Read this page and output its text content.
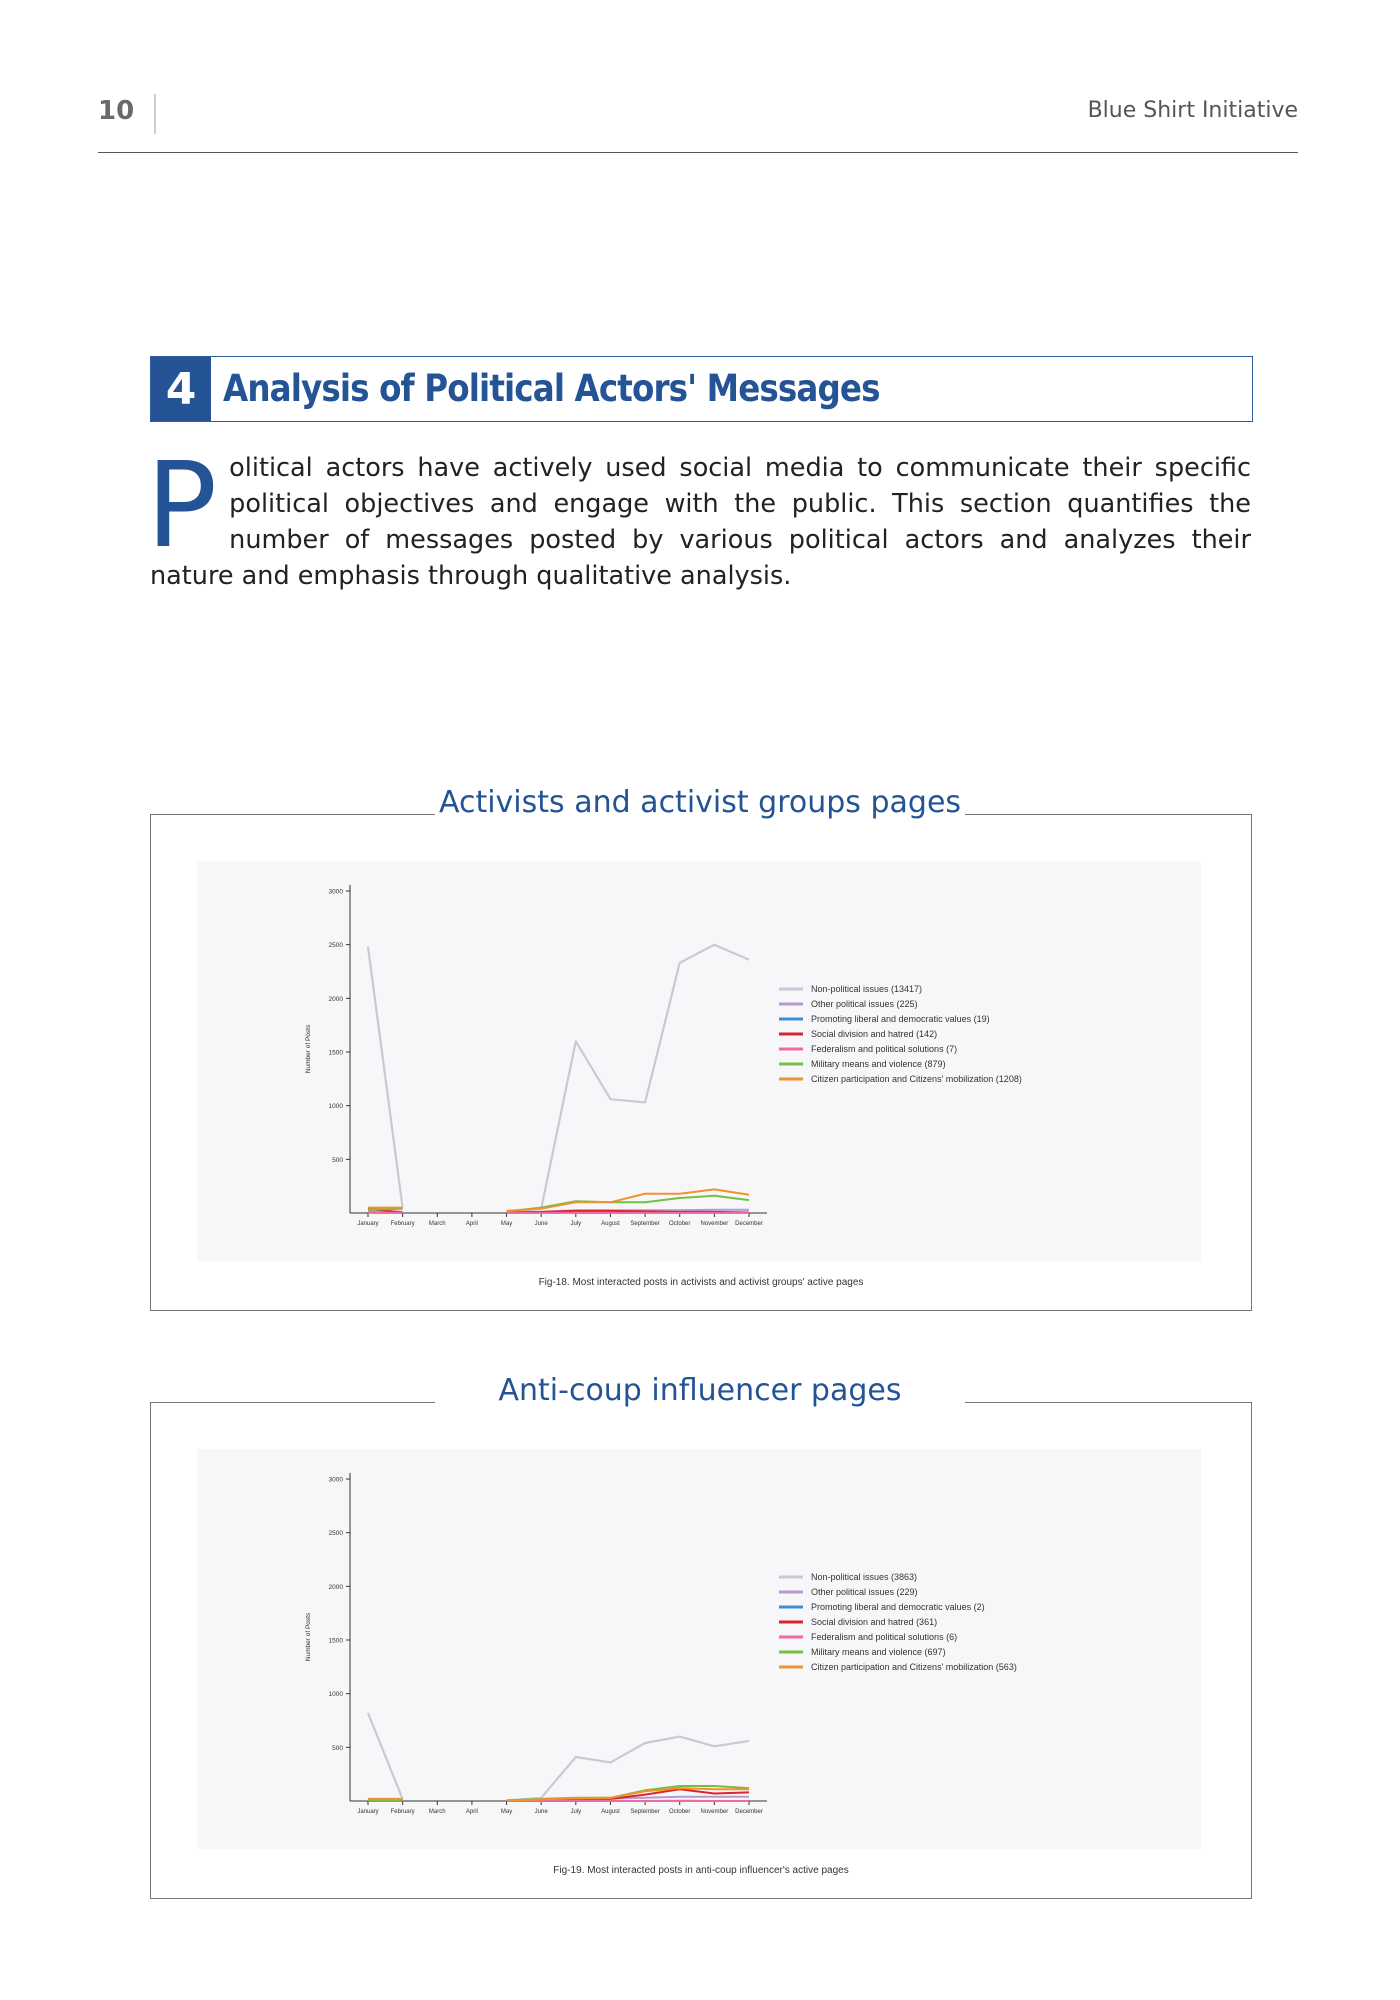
10	Blue Shirt Initiative
4 Analysis of Political Actors' Messages
P olitical actors have actively used social media to communicate their specific political objectives and engage with the public. This section quantifies the number of messages posted by various political actors and analyzes their nature and emphasis through qualitative analysis.
Activists and activist groups pages
500
1000
1500
2000
2500
3000
January February March	April	May	June	July	August September October November December
Number of Posts
Non-political issues (13417)
Other political issues (225)
Promoting liberal and democratic values (19)
Social division and hatred (142)
Federalism and political solutions (7)
Military means and violence (879)
Citizen participation and Citizens' mobilization (1208)
Fig-18. Most interacted posts in activists and activist groups' active pages
Anti-coup influencer pages
500
1000
1500
2000
2500
3000
January February March	April	May	June	July	August September October November December
Number of Posts
Non-political issues (3863)
Other political issues (229)
Promoting liberal and democratic values (2)
Social division and hatred (361)
Federalism and political solutions (6)
Military means and violence (697)
Citizen participation and Citizens' mobilization (563)
Fig-19. Most interacted posts in anti-coup influencer's active pages
